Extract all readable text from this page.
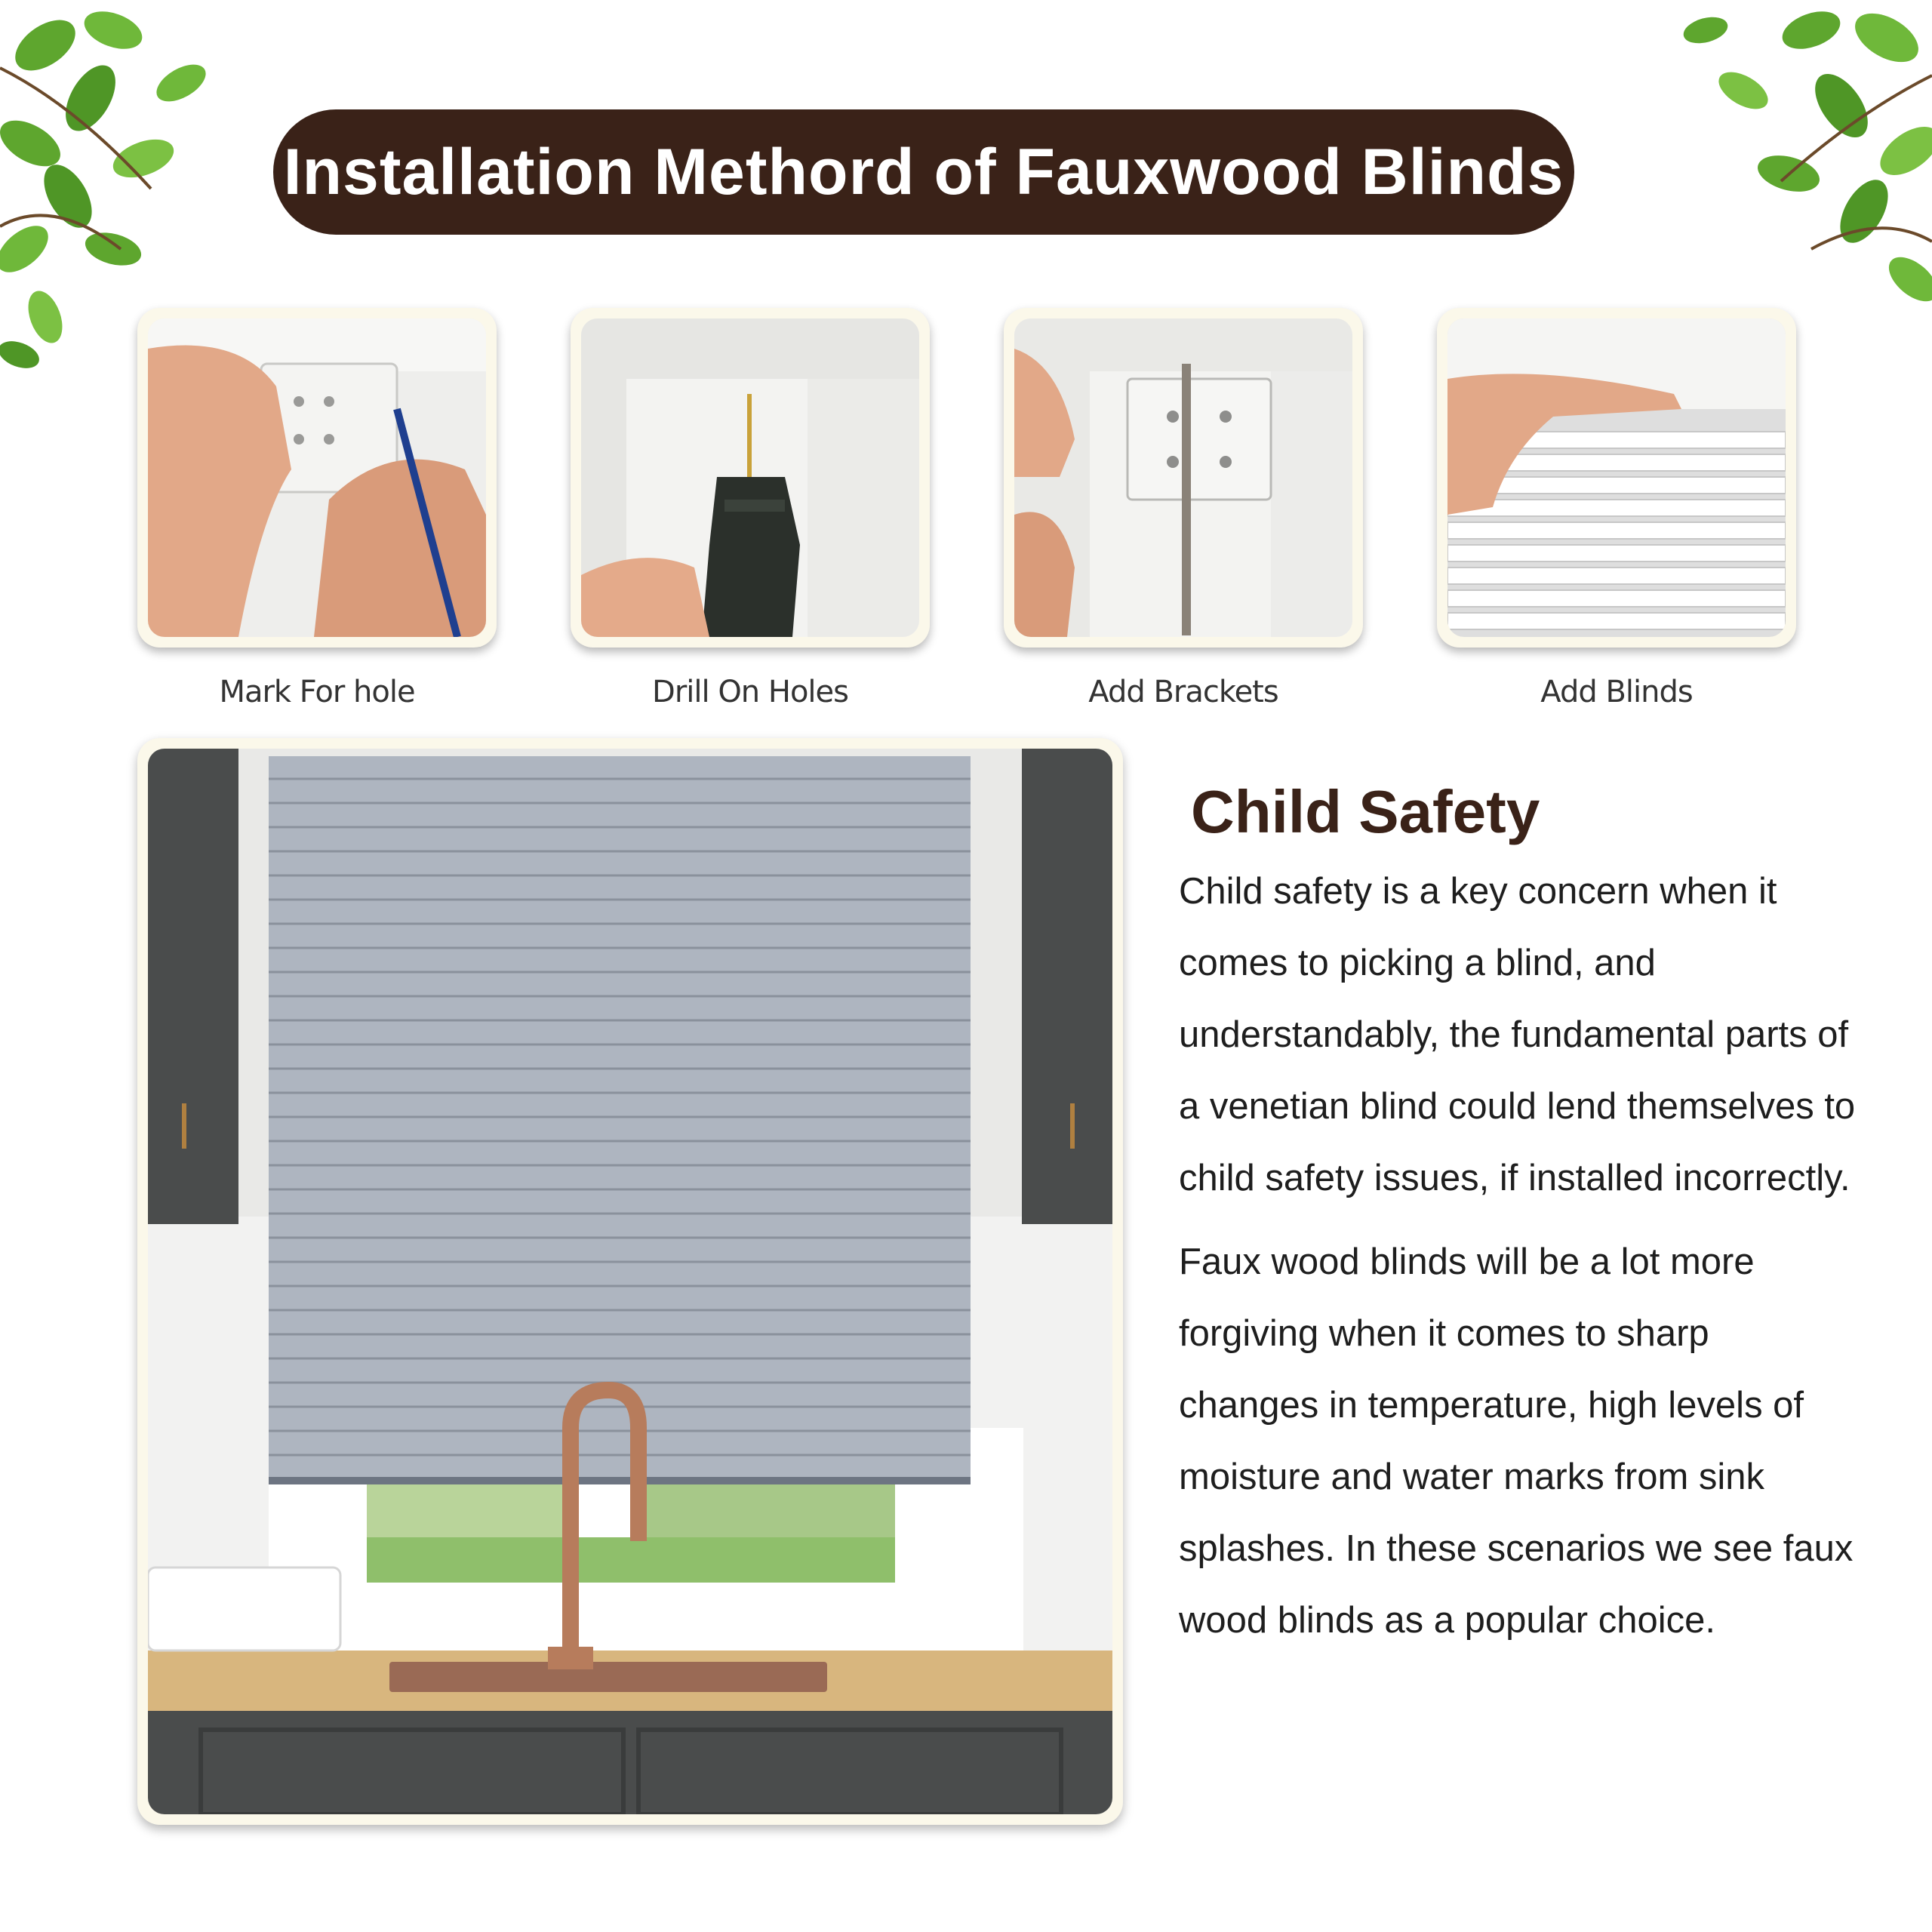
Installation Methord of Fauxwood Blinds
Mark For hole	Drill On Holes	Add Brackets	Add Blinds
Child Safety

Child safety is a key concern when it comes to picking a blind, and understandably, the fundamental parts of a venetian blind could lend themselves to child safety issues, if installed incorrectly.

Faux wood blinds will be a lot more forgiving when it comes to sharp changes in temperature, high levels of moisture and water marks from sink splashes. In these scenarios we see faux wood blinds as a popular choice.
